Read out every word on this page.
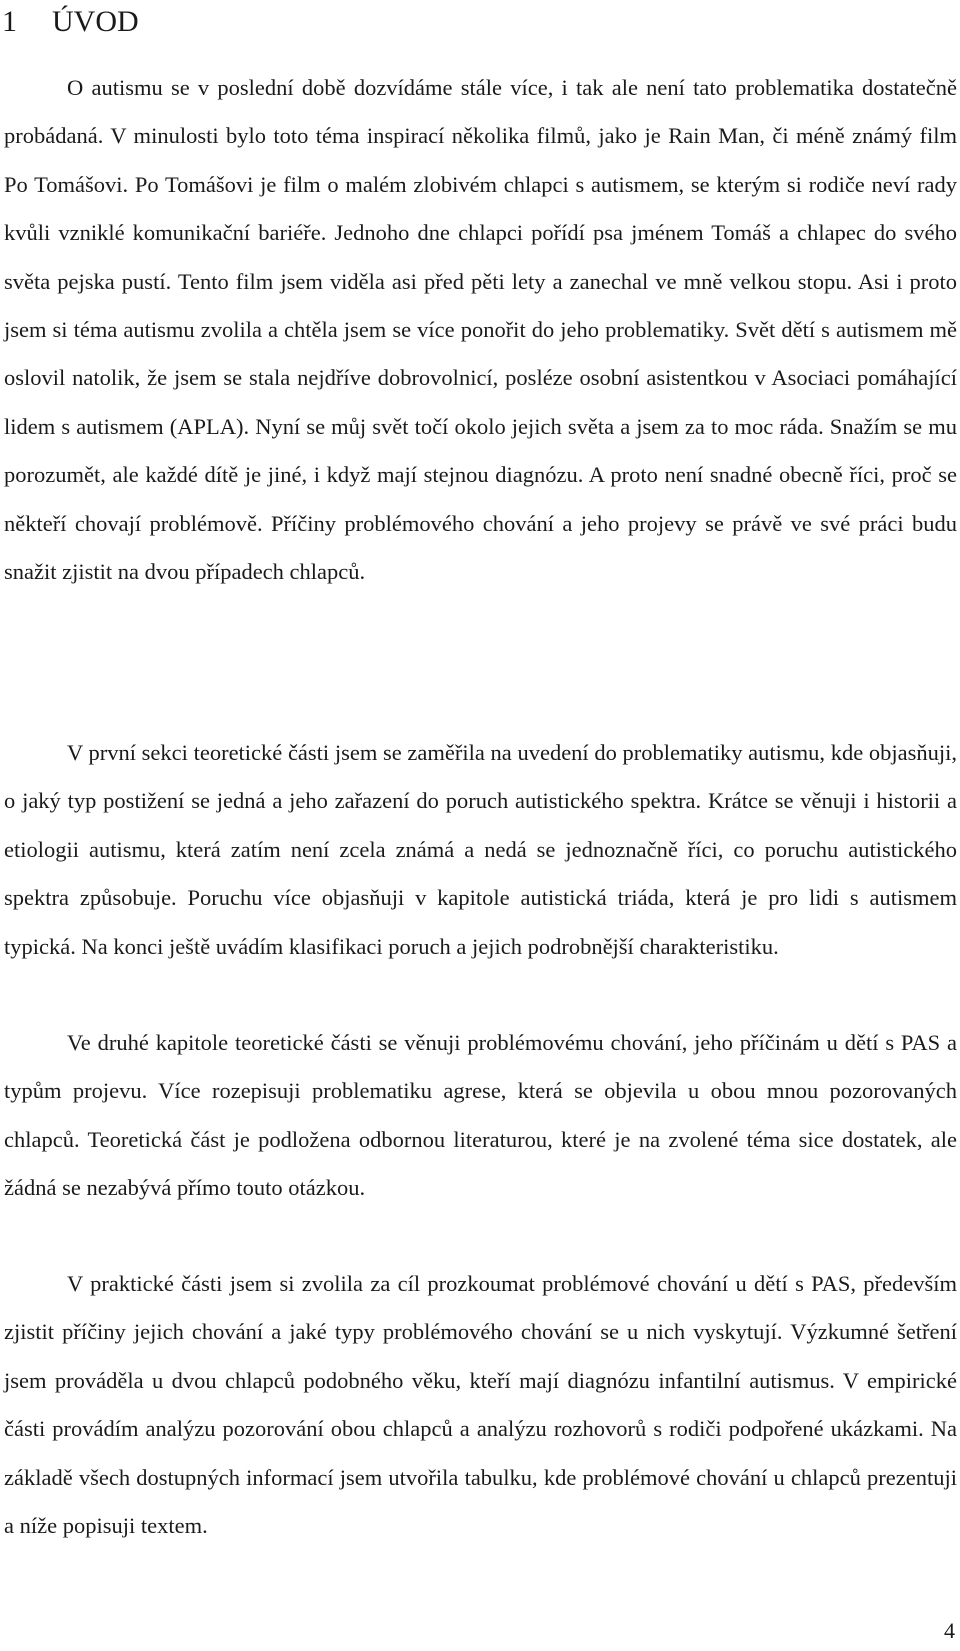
1 ÚVOD

O autismu se v poslední době dozvídáme stále více, i tak ale není tato problematika dostatečně probádaná. V minulosti bylo toto téma inspirací několika filmů, jako je Rain Man, či méně známý film Po Tomášovi. Po Tomášovi je film o malém zlobivém chlapci s autismem, se kterým si rodiče neví rady kvůli vzniklé komunikační bariéře. Jednoho dne chlapci pořídí psa jménem Tomáš a chlapec do svého světa pejska pustí. Tento film jsem viděla asi před pěti lety a zanechal ve mně velkou stopu. Asi i proto jsem si téma autismu zvolila a chtěla jsem se více ponořit do jeho problematiky. Svět dětí s autismem mě oslovil natolik, že jsem se stala nejdříve dobrovolnicí, posléze osobní asistentkou v Asociaci pomáhající lidem s autismem (APLA). Nyní se můj svět točí okolo jejich světa a jsem za to moc ráda. Snažím se mu porozumět, ale každé dítě je jiné, i když mají stejnou diagnózu. A proto není snadné obecně říci, proč se někteří chovají problémově. Příčiny problémového chování a jeho projevy se právě ve své práci budu snažit zjistit na dvou případech chlapců.

V první sekci teoretické části jsem se zaměřila na uvedení do problematiky autismu, kde objasňuji, o jaký typ postižení se jedná a jeho zařazení do poruch autistického spektra. Krátce se věnuji i historii a etiologii autismu, která zatím není zcela známá a nedá se jednoznačně říci, co poruchu autistického spektra způsobuje. Poruchu více objasňuji v kapitole autistická triáda, která je pro lidi s autismem typická. Na konci ještě uvádím klasifikaci poruch a jejich podrobnější charakteristiku.

Ve druhé kapitole teoretické části se věnuji problémovému chování, jeho příčinám u dětí s PAS a typům projevu. Více rozepisuji problematiku agrese, která se objevila u obou mnou pozorovaných chlapců. Teoretická část je podložena odbornou literaturou, které je na zvolené téma sice dostatek, ale žádná se nezabývá přímo touto otázkou.

V praktické části jsem si zvolila za cíl prozkoumat problémové chování u dětí s PAS, především zjistit příčiny jejich chování a jaké typy problémového chování se u nich vyskytují. Výzkumné šetření jsem prováděla u dvou chlapců podobného věku, kteří mají diagnózu infantilní autismus. V empirické části provádím analýzu pozorování obou chlapců a analýzu rozhovorů s rodiči podpořené ukázkami. Na základě všech dostupných informací jsem utvořila tabulku, kde problémové chování u chlapců prezentuji a níže popisuji textem.

4
